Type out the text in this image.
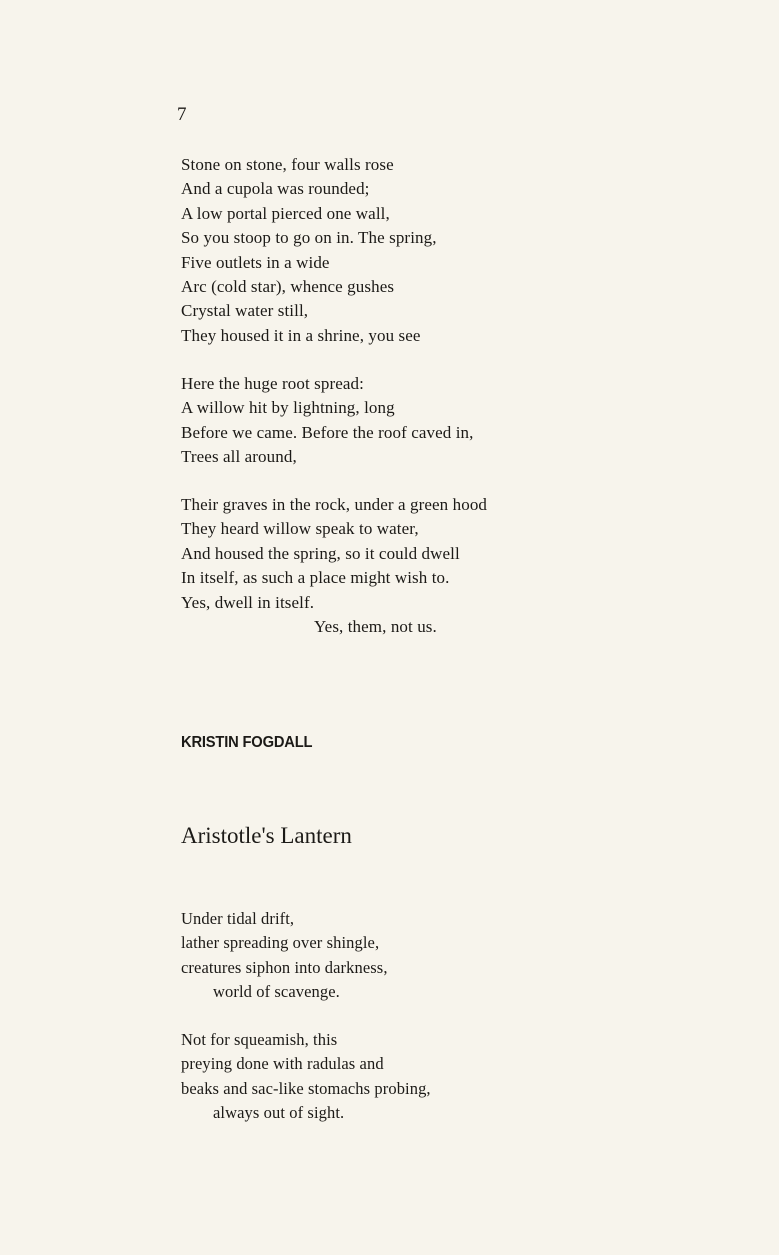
7
Stone on stone, four walls rose
And a cupola was rounded;
A low portal pierced one wall,
So you stoop to go on in. The spring,
Five outlets in a wide
Arc (cold star), whence gushes
Crystal water still,
They housed it in a shrine, you see
Here the huge root spread:
A willow hit by lightning, long
Before we came. Before the roof caved in,
Trees all around,
Their graves in the rock, under a green hood
They heard willow speak to water,
And housed the spring, so it could dwell
In itself, as such a place might wish to.
Yes, dwell in itself.
Yes, them, not us.
KRISTIN FOGDALL
Aristotle's Lantern
Under tidal drift,
lather spreading over shingle,
creatures siphon into darkness,
world of scavenge.
Not for squeamish, this
preying done with radulas and
beaks and sac-like stomachs probing,
always out of sight.
